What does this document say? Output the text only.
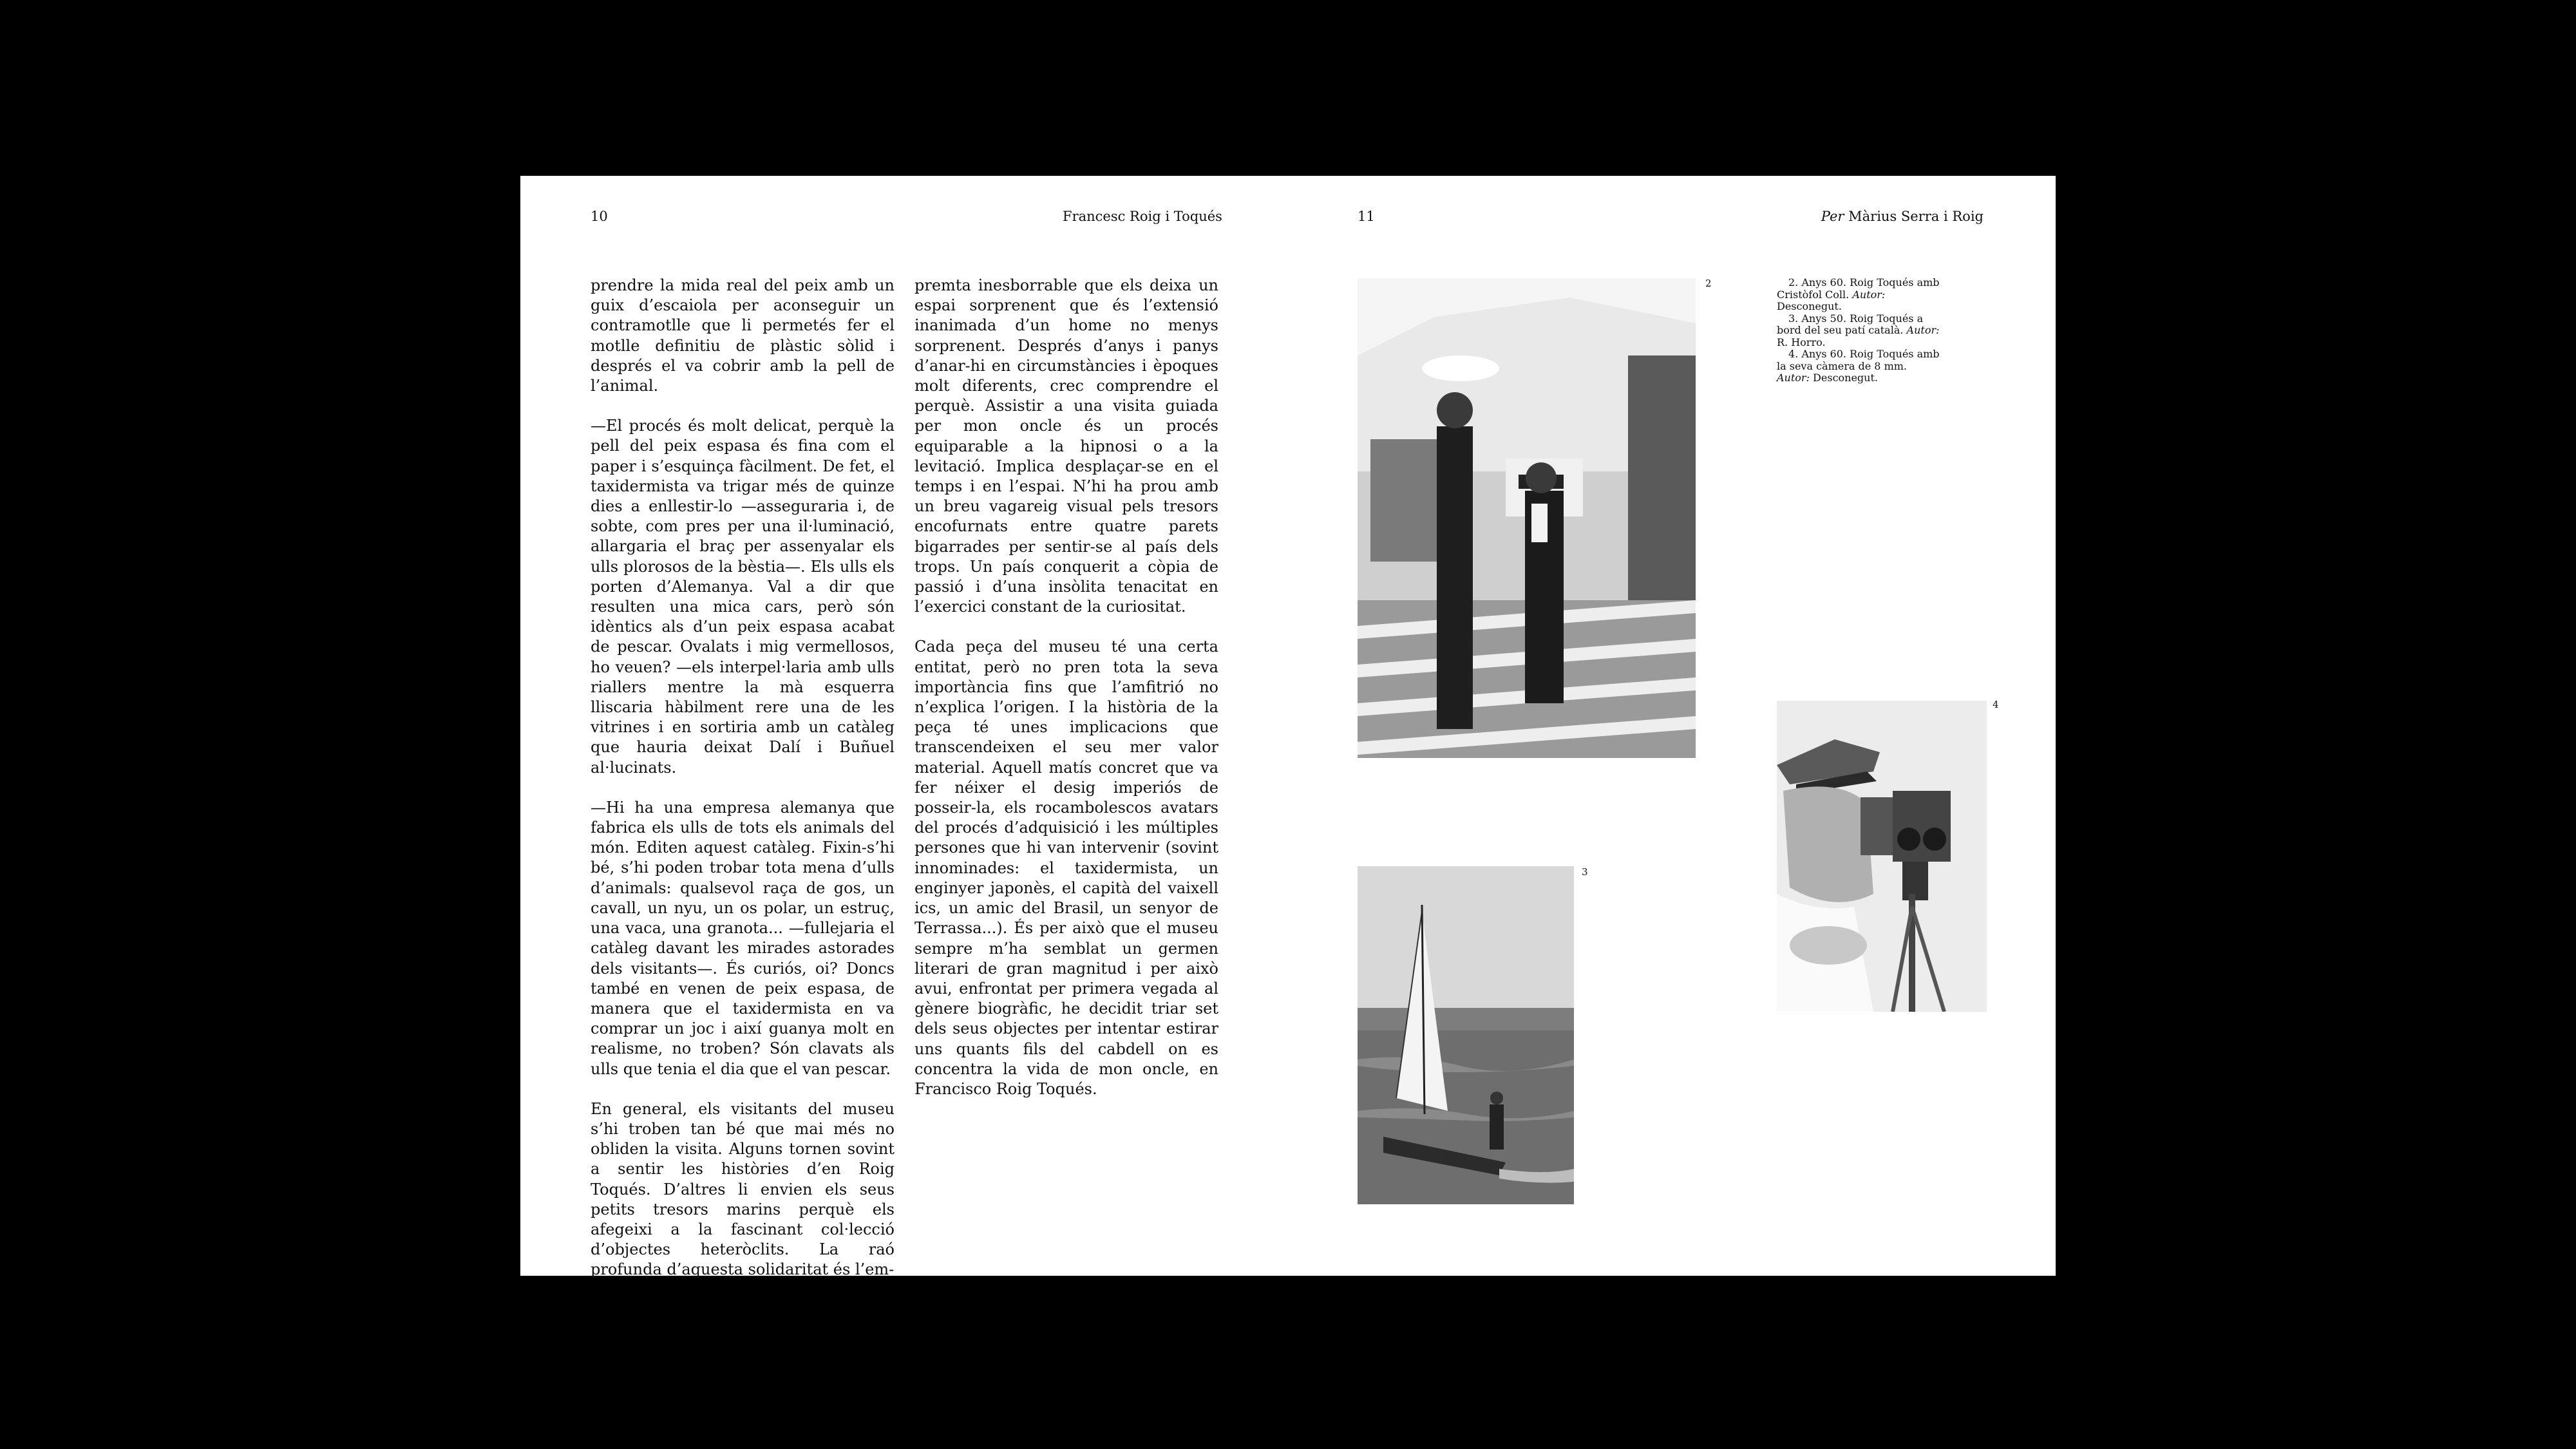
10	Francesc Roig i Toqués	11	Per Màrius Serra i Roig

prendre la mida real del peix amb un guix d’escaiola per aconseguir un contramotlle que li permetés fer el motlle definitiu de plàstic sòlid i després el va cobrir amb la pell de l’animal.

—El procés és molt delicat, perquè la pell del peix espasa és fina com el paper i s’esquinça fàcilment. De fet, el taxidermista va trigar més de quinze dies a enllestir-lo —asseguraria i, de sobte, com pres per una il·luminació, allargaria el braç per assenyalar els ulls plorosos de la bèstia—. Els ulls els porten d’Alemanya. Val a dir que resulten una mica cars, però són idèntics als d’un peix espasa acabat de pescar. Ovalats i mig vermellosos, ho veuen? —els interpel·laria amb ulls riallers mentre la mà esquerra lliscaria hàbilment rere una de les vitrines i en sortiria amb un catàleg que hauria deixat Dalí i Buñuel al·lucinats.

—Hi ha una empresa alemanya que fabrica els ulls de tots els animals del món. Editen aquest catàleg. Fixin-s’hi bé, s’hi poden trobar tota mena d’ulls d’animals: qualsevol raça de gos, un cavall, un nyu, un os polar, un estruç, una vaca, una granota... —fullejaria el catàleg davant les mirades astorades dels visitants—. És curiós, oi? Doncs també en venen de peix espasa, de manera que el taxidermista en va comprar un joc i així guanya molt en realisme, no troben? Són clavats als ulls que tenia el dia que el van pescar.

En general, els visitants del museu s’hi troben tan bé que mai més no obliden la visita. Alguns tornen sovint a sentir les històries d’en Roig Toqués. D’altres li envien els seus petits tresors marins perquè els afegeixi a la fascinant col·lecció d’objectes heteròclits. La raó profunda d’aquesta solidaritat és l’em-

premta inesborrable que els deixa un espai sorprenent que és l’extensió inanimada d’un home no menys sorprenent. Després d’anys i panys d’anar-hi en circumstàncies i èpoques molt diferents, crec comprendre el perquè. Assistir a una visita guiada per mon oncle és un procés equiparable a la hipnosi o a la levitació. Implica desplaçar-se en el temps i en l’espai. N’hi ha prou amb un breu vagareig visual pels tresors encofurnats entre quatre parets bigarrades per sentir-se al país dels trops. Un país conquerit a còpia de passió i d’una insòlita tenacitat en l’exercici constant de la curiositat.

Cada peça del museu té una certa entitat, però no pren tota la seva importància fins que l’amfitrió no n’explica l’origen. I la història de la peça té unes implicacions que transcendeixen el seu mer valor material. Aquell matís concret que va fer néixer el desig imperiós de posseir-la, els rocambolescos avatars del procés d’adquisició i les múltiples persones que hi van intervenir (sovint innominades: el taxidermista, un enginyer japonès, el capità del vaixell ics, un amic del Brasil, un senyor de Terrassa...). És per això que el museu sempre m’ha semblat un germen literari de gran magnitud i per això avui, enfrontat per primera vegada al gènere biogràfic, he decidit triar set dels seus objectes per intentar estirar uns quants fils del cabdell on es concentra la vida de mon oncle, en Francisco Roig Toqués.

2
3
4
2. Anys 60. Roig Toqués amb Cristòfol Coll. Autor: Desconegut.
3. Anys 50. Roig Toqués a bord del seu patí català. Autor: R. Horro.
4. Anys 60. Roig Toqués amb la seva càmera de 8 mm. Autor: Desconegut.
